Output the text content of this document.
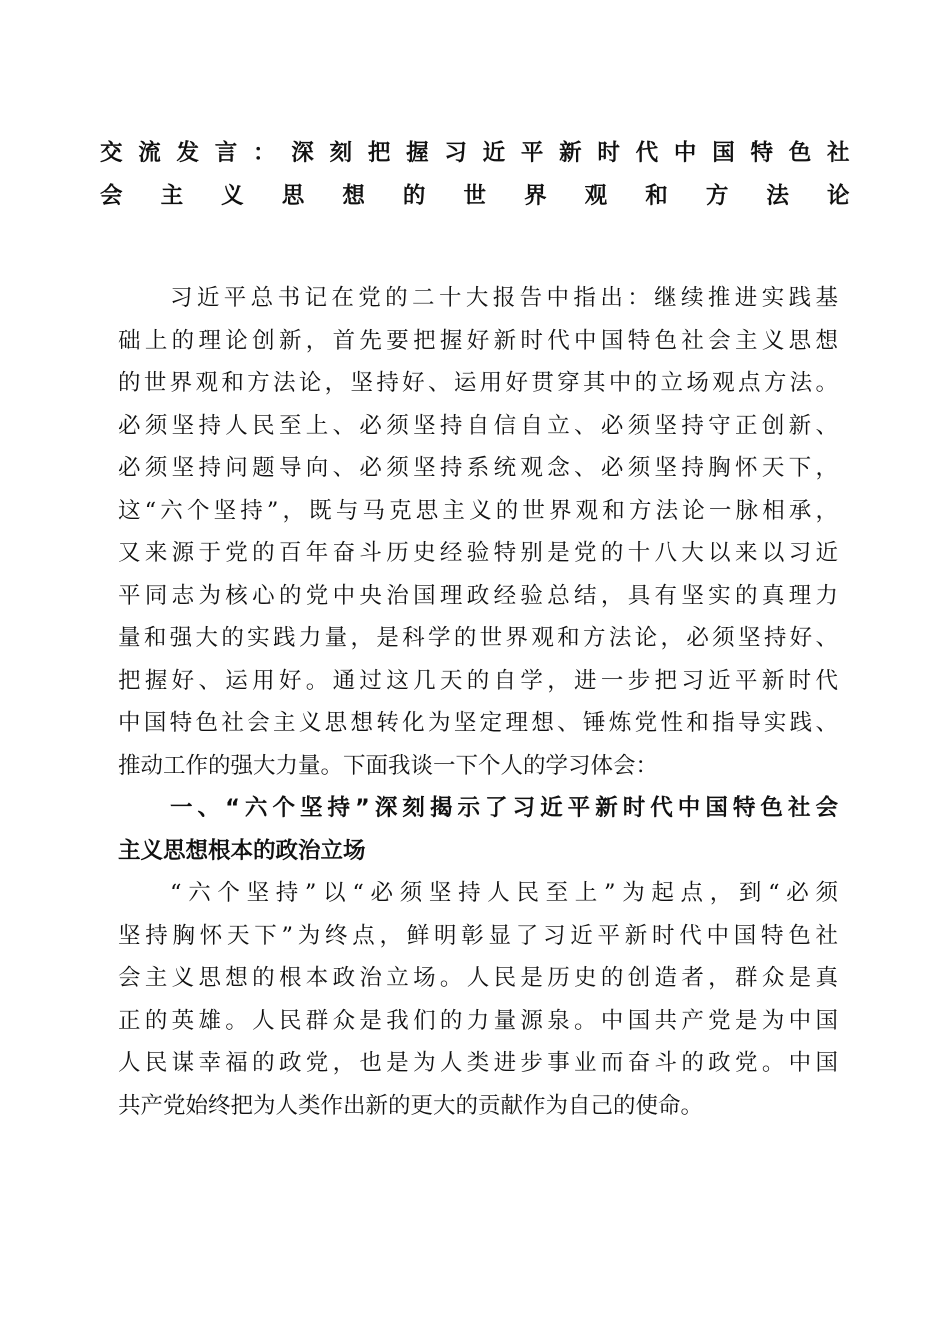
交流发言：深刻把握习近平新时代中国特色社
会主义思想的世界观和方法论
习近平总书记在党的二十大报告中指出：继续推进实践基
础上的理论创新，首先要把握好新时代中国特色社会主义思想
的世界观和方法论，坚持好、运用好贯穿其中的立场观点方法。
必须坚持人民至上、必须坚持自信自立、必须坚持守正创新、
必须坚持问题导向、必须坚持系统观念、必须坚持胸怀天下，
这“六个坚持”，既与马克思主义的世界观和方法论一脉相承，
又来源于党的百年奋斗历史经验特别是党的十八大以来以习近
平同志为核心的党中央治国理政经验总结，具有坚实的真理力
量和强大的实践力量，是科学的世界观和方法论，必须坚持好、
把握好、运用好。通过这几天的自学，进一步把习近平新时代
中国特色社会主义思想转化为坚定理想、锤炼党性和指导实践、
推动工作的强大力量。下面我谈一下个人的学习体会：
一、“六个坚持”深刻揭示了习近平新时代中国特色社会
主义思想根本的政治立场
“六个坚持”以“必须坚持人民至上”为起点，到“必须
坚持胸怀天下”为终点，鲜明彰显了习近平新时代中国特色社
会主义思想的根本政治立场。人民是历史的创造者，群众是真
正的英雄。人民群众是我们的力量源泉。中国共产党是为中国
人民谋幸福的政党，也是为人类进步事业而奋斗的政党。中国
共产党始终把为人类作出新的更大的贡献作为自己的使命。
